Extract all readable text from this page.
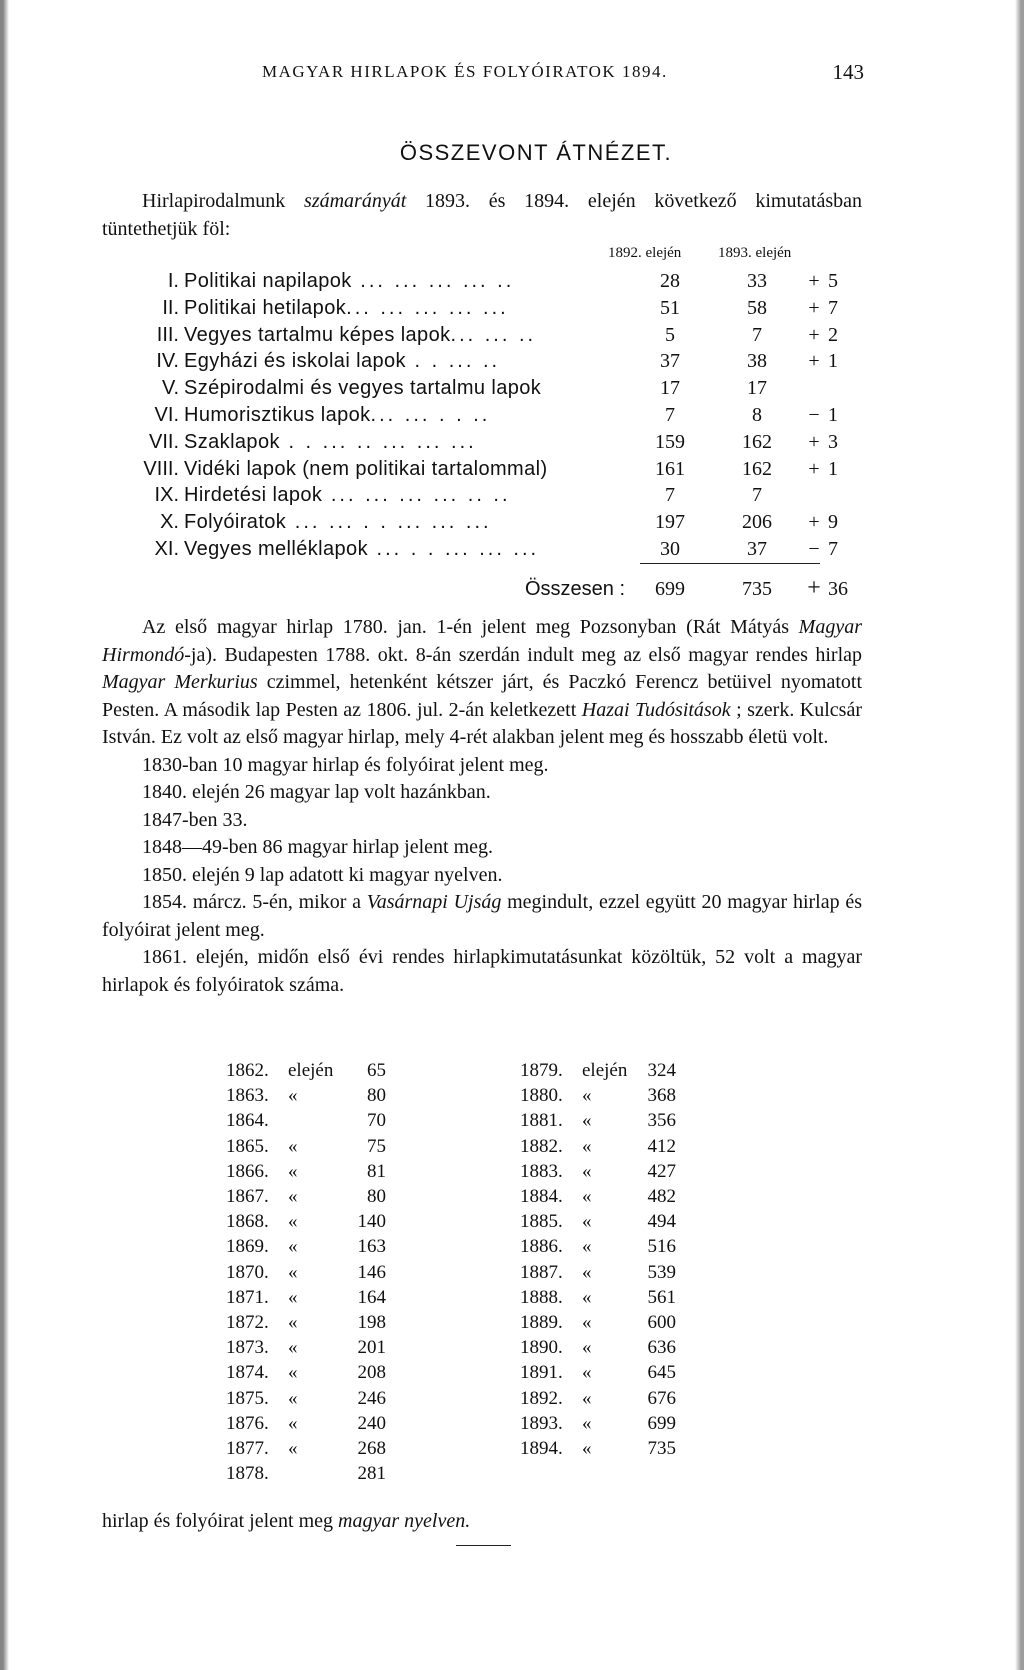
MAGYAR HIRLAPOK ÉS FOLYÓIRATOK 1894.	143
ÖSSZEVONT ÁTNÉZET.

Hirlapirodalmunk számarányát 1893. és 1894. elején következő kimutatásban tüntethetjük föl:

1892. elején 1893. elején
I. Politikai napilapok ... ... ... ... ..	28	33	+ 5
II. Politikai hetilapok... ... ... ... ...	51	58	+ 7
III. Vegyes tartalmu képes lapok... ... ..	5	7	+ 2
IV. Egyházi és iskolai lapok . . ... ..	37	38	+ 1
V. Szépirodalmi és vegyes tartalmu lapok	17	17
VI. Humorisztikus lapok... ... . . ..	7	8	− 1
VII. Szaklapok . . ... .. ... ... ...	159	162	+ 3
VIII. Vidéki lapok (nem politikai tartalommal)	161	162	+ 1
IX. Hirdetési lapok ... ... ... ... .. ..	7	7
X. Folyóiratok ... ... . . ... ... ...	197	206	+ 9
XI. Vegyes melléklapok ... . . ... ... ...	30	37	− 7
Összesen :	699	735	+ 36

Az első magyar hirlap 1780. jan. 1-én jelent meg Pozsonyban (Rát Mátyás Magyar Hirmondó-ja). Budapesten 1788. okt. 8-án szerdán indult meg az első magyar rendes hirlap Magyar Merkurius czimmel, hetenként kétszer járt, és Paczkó Ferencz betüivel nyomatott Pesten. A második lap Pesten az 1806. jul. 2-án keletkezett Hazai Tudósitások ; szerk. Kulcsár István. Ez volt az első magyar hirlap, mely 4-rét alakban jelent meg és hosszabb életü volt.

1830-ban 10 magyar hirlap és folyóirat jelent meg.

1840. elején 26 magyar lap volt hazánkban.

1847-ben 33.

1848—49-ben 86 magyar hirlap jelent meg.

1850. elején 9 lap adatott ki magyar nyelven.

1854. márcz. 5-én, mikor a Vasárnapi Ujság megindult, ezzel együtt 20 magyar hirlap és folyóirat jelent meg.

1861. elején, midőn első évi rendes hirlapkimutatásunkat közöltük, 52 volt a magyar hirlapok és folyóiratok száma.

1862. elején	65
1863. «	80
1864.	70
1865. «	75
1866. «	81
1867. «	80
1868. «	140
1869. «	163
1870. «	146
1871. «	164
1872. «	198
1873. «	201
1874. «	208
1875. «	246
1876. «	240
1877. «	268
1878.	281
1879. elején	324
1880. «	368
1881. «	356
1882. «	412
1883. «	427
1884. «	482
1885. «	494
1886. «	516
1887. «	539
1888. «	561
1889. «	600
1890. «	636
1891. «	645
1892. «	676
1893. «	699
1894. «	735
hirlap és folyóirat jelent meg magyar nyelven.
